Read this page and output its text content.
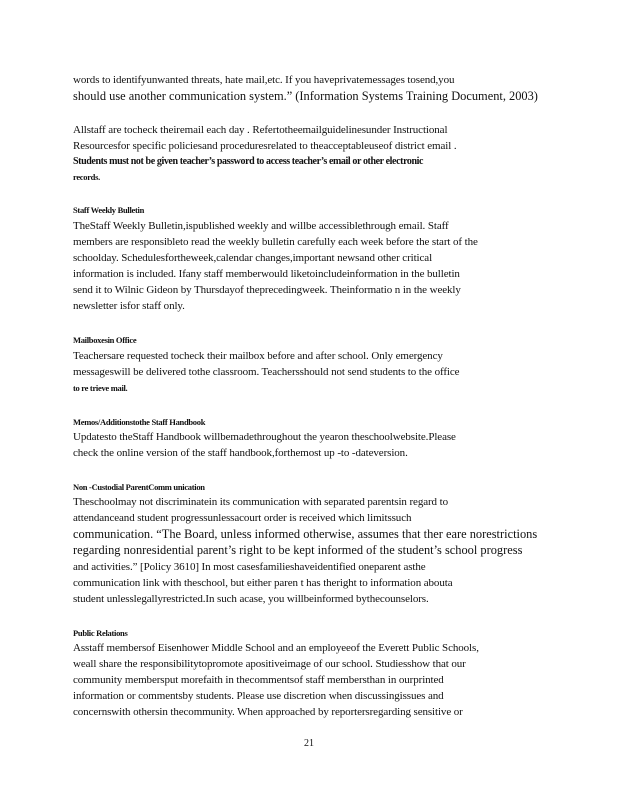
words to identifyunwanted threats, hate mail,etc. If you haveprivatemessages tosend,you
should use another communication system.” (Information Systems Training Document, 2003)
Allstaff are tocheck theiremail each day . Refertotheemailguidelinesunder Instructional
Resourcesfor specific policiesand proceduresrelated to theacceptableuseof district email .
Students must not be given teacher’s password to access teacher’s email or other electronic
records.
Staff Weekly Bulletin
TheStaff Weekly Bulletin,ispublished weekly and willbe accessiblethrough email. Staff
members are responsibleto read the weekly bulletin carefully each week before the start of the
schoolday. Schedulesfortheweek,calendar changes,important newsand other critical
information is included. Ifany staff memberwould liketoincludeinformation in the bulletin
send it to Wilnic Gideon by Thursdayof theprecedingweek. Theinformatio n in the weekly
newsletter isfor staff only.
Mailboxesin Office
Teachersare requested tocheck their mailbox before and after school. Only emergency
messageswill be delivered tothe classroom. Teachersshould not send students to the office
to re trieve mail.
Memos/Additionstothe Staff Handbook
Updatesto theStaff Handbook willbemadethroughout the yearon theschoolwebsite.Please
check the online version of the staff handbook,forthemost up -to -dateversion.
Non -Custodial ParentComm unication
Theschoolmay not discriminatein its communication with separated parentsin regard to
attendanceand student progressunlessacourt order is received which limitssuch
communication. “The Board, unless informed otherwise, assumes that ther eare norestrictions
regarding nonresidential parent’s right to be kept informed of the student’s school progress
and activities.” [Policy 3610] In most casesfamilieshaveidentified oneparent asthe
communication link with theschool, but either paren t has theright to information abouta
student unlesslegallyrestricted.In such acase, you willbeinformed bythecounselors.
Public Relations
Asstaff membersof Eisenhower Middle School and an employeeof the Everett Public Schools,
weall share the responsibilitytopromote apositiveimage of our school. Studiesshow that our
community membersput morefaith in thecommentsof staff membersthan in ourprinted
information or commentsby students. Please use discretion when discussingissues and
concernswith othersin thecommunity. When approached by reportersregarding sensitive or
21
